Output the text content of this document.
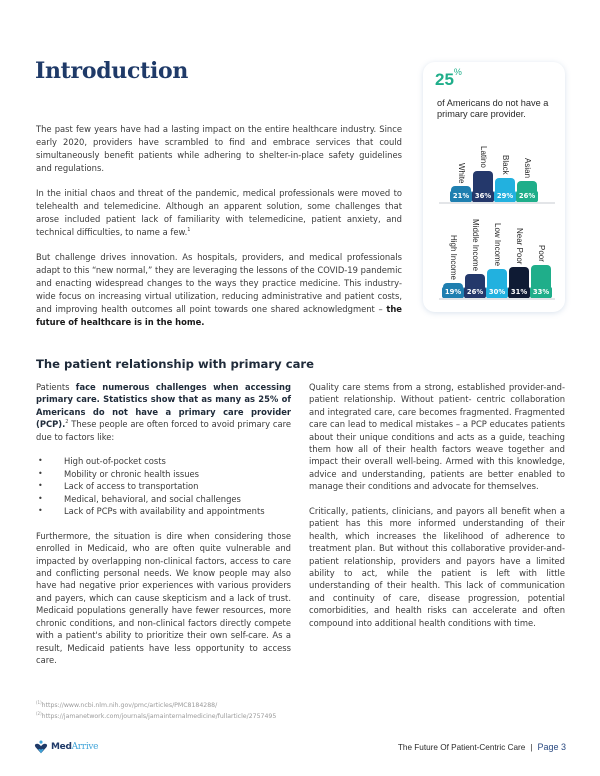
Introduction

The past few years have had a lasting impact on the entire healthcare industry. Since early 2020, providers have scrambled to find and embrace services that could simultaneously benefit patients while adhering to shelter-in-place safety guidelines and regulations.

In the initial chaos and threat of the pandemic, medical professionals were moved to telehealth and telemedicine. Although an apparent solution, some challenges that arose included patient lack of familiarity with telemedicine, patient anxiety, and technical difficulties, to name a few.$^1$

But challenge drives innovation. As hospitals, providers, and medical professionals adapt to this “new normal,” they are leveraging the lessons of the COVID-19 pandemic and enacting widespread changes to the ways they practice medicine. This industry-wide focus on increasing virtual utilization, reducing administrative and patient costs, and improving health outcomes all point towards one shared acknowledgment – the future of healthcare is in the home.

25%
of Americans do not have a primary care provider.
21%
White
36%
Latino
29%
Black
26%
Asian
19%
High Income
26%
Middle Income
30%
Low Income
31%
Near Poor
33%
Poor
The patient relationship with primary care

Patients face numerous challenges when accessing primary care. Statistics show that as many as 25% of Americans do not have a primary care provider (PCP).$^2$ These people are often forced to avoid primary care due to factors like:

• High out-of-pocket costs
• Mobility or chronic health issues
• Lack of access to transportation
• Medical, behavioral, and social challenges
• Lack of PCPs with availability and appointments

Furthermore, the situation is dire when considering those enrolled in Medicaid, who are often quite vulnerable and impacted by overlapping non-clinical factors, access to care and conflicting personal needs. We know people may also have had negative prior experiences with various providers and payers, which can cause skepticism and a lack of trust. Medicaid populations generally have fewer resources, more chronic conditions, and non-clinical factors directly compete with a patient's ability to prioritize their own self-care. As a result, Medicaid patients have less opportunity to access care.

Quality care stems from a strong, established provider-and-patient relationship. Without patient- centric collaboration and integrated care, care becomes fragmented. Fragmented care can lead to medical mistakes – a PCP educates patients about their unique conditions and acts as a guide, teaching them how all of their health factors weave together and impact their overall well-being. Armed with this knowledge, advice and understanding, patients are better enabled to manage their conditions and advocate for themselves.

Critically, patients, clinicians, and payors all benefit when a patient has this more informed understanding of their health, which increases the likelihood of adherence to treatment plan. But without this collaborative provider-and-patient relationship, providers and payors have a limited ability to act, while the patient is left with little understanding of their health. This lack of communication and continuity of care, disease progression, potential comorbidities, and health risks can accelerate and often compound into additional health conditions with time.

$^{(1)}$https://www.ncbi.nlm.nih.gov/pmc/articles/PMC8184288/
$^{(2)}$https://jamanetwork.com/journals/jamainternalmedicine/fullarticle/2757495
MedArrive	The Future Of Patient-Centric Care | Page 3
